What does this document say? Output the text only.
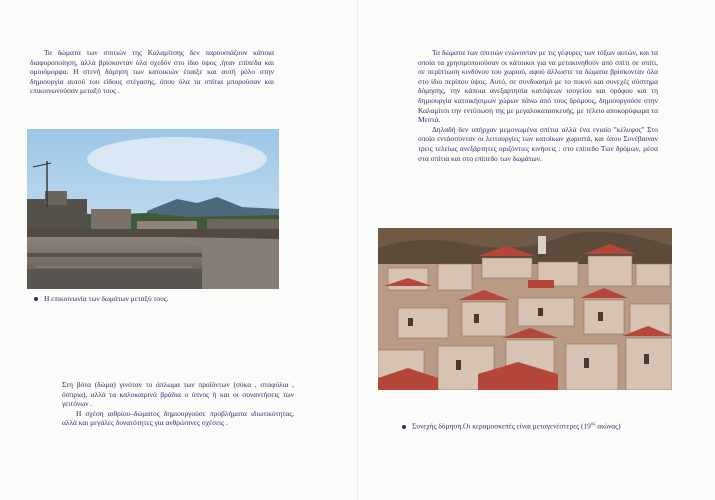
Τα δώματα των σπιτιών της Καλαμίτσης δεν παρουσιάζουν κάποια διαφοροποίηση, αλλά βρίσκονταν όλα σχεδόν στο ίδιο ύψος ,ήταν επίπεδα και ομοιόμορφα. Η στενή δόμηση των κατοικιών έπαιξε και αυτή ρόλο στην δημιουργία αυτού του είδους στέγασης, όπου όλα τα σπίτια μπορούσαν και επικοινωνούσαν μεταξύ τους .

Η επικοινωνία των δωμάτων μεταξύ τους.

Στη βότα (δώμα) γινόταν το άπλωμα των προϊόντων (σύκα , σταφύλια , όσπρια), αλλά τα καλοκαιρινά βράδια ο ύπνος ή και οι συναντήσεις των γειτόνων .

Η σχέση αιθρίου–δώματος δημιουργούσε προβλήματα ιδιωτικότητας, αλλά και μεγάλες δυνατότητες για ανθρώπινες σχέσεις .

Τα δώματα των σπιτιών ενώνονταν με τις γέφυρες των τόξων αυτών, και τα οποία τα χρησιμοποιούσαν οι κάτοικοι για να μετακινηθούν από σπίτι σε σπίτι, σε περίπτωση κινδύνου του χωριού, αφού άλλωστε τα δώματα βρίσκονταν όλα στο ίδιο περίπου ύψος. Αυτό, σε συνδυασμό με το πυκνό και συνεχές σύστημα δόμησης, την κάποια ανεξαρτησία κατόψεων ισογείου και ορόφου και τη δημιουργία κατοικήσιμων χώρων πάνω από τους δρόμους, δημιουργούσε στην Καλαμίτσι την εντύπωση της με μεγαλοκατασκευής, με τέλειο αποκορύφωμα τα Μεστά.

Δηλαδή δεν υπήρχαν μεμονωμένα σπίτια αλλά ένα ενιαίο ''κέλυφος'' Στο οποίο εντάσσονταν οι λειτουργίες των κατοίκων χωριστά, και όπου Συνέβαιναν τρεις τελείως ανεξάρτητες οριζόντιες κινήσεις : στο επίπεδο Των δρόμων, μέσα στα σπίτια και στο επίπεδο των δωμάτων.

Συνεχής δόμηση.Οι κεραμοσκεπές είναι μεταγενέστερες ($19^{o\varsigma}$ αιώνας)
